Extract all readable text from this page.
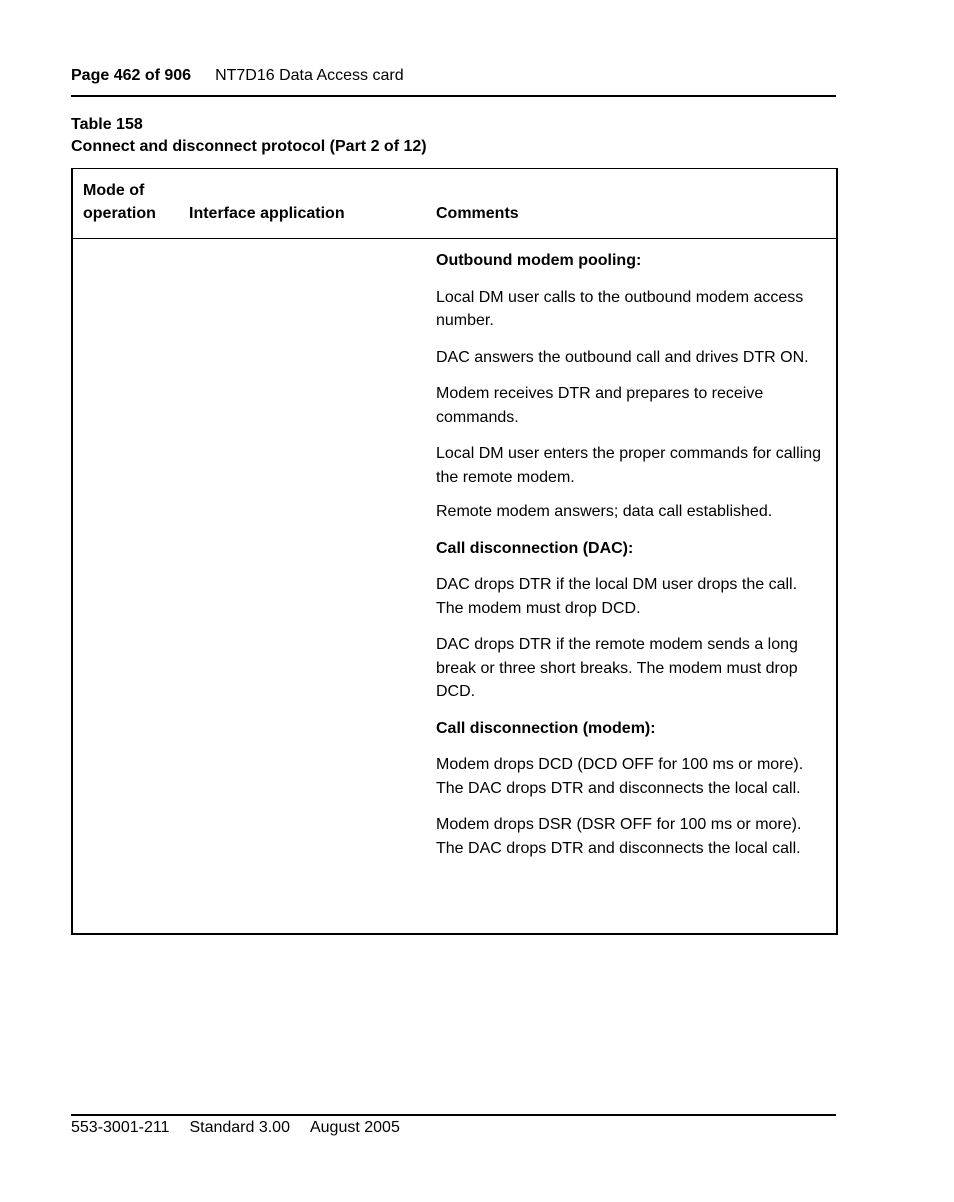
Page 462 of 906 NT7D16 Data Access card
Table 158
Connect and disconnect protocol (Part 2 of 12)
Mode of operation	Interface application	Comments

Outbound modem pooling:

Local DM user calls to the outbound modem access number.

DAC answers the outbound call and drives DTR ON.

Modem receives DTR and prepares to receive commands.

Local DM user enters the proper commands for calling the remote modem.

Remote modem answers; data call established.

Call disconnection (DAC):

DAC drops DTR if the local DM user drops the call. The modem must drop DCD.

DAC drops DTR if the remote modem sends a long break or three short breaks. The modem must drop DCD.

Call disconnection (modem):

Modem drops DCD (DCD OFF for 100 ms or more). The DAC drops DTR and disconnects the local call.

Modem drops DSR (DSR OFF for 100 ms or more). The DAC drops DTR and disconnects the local call.

553-3001-211 Standard 3.00 August 2005
